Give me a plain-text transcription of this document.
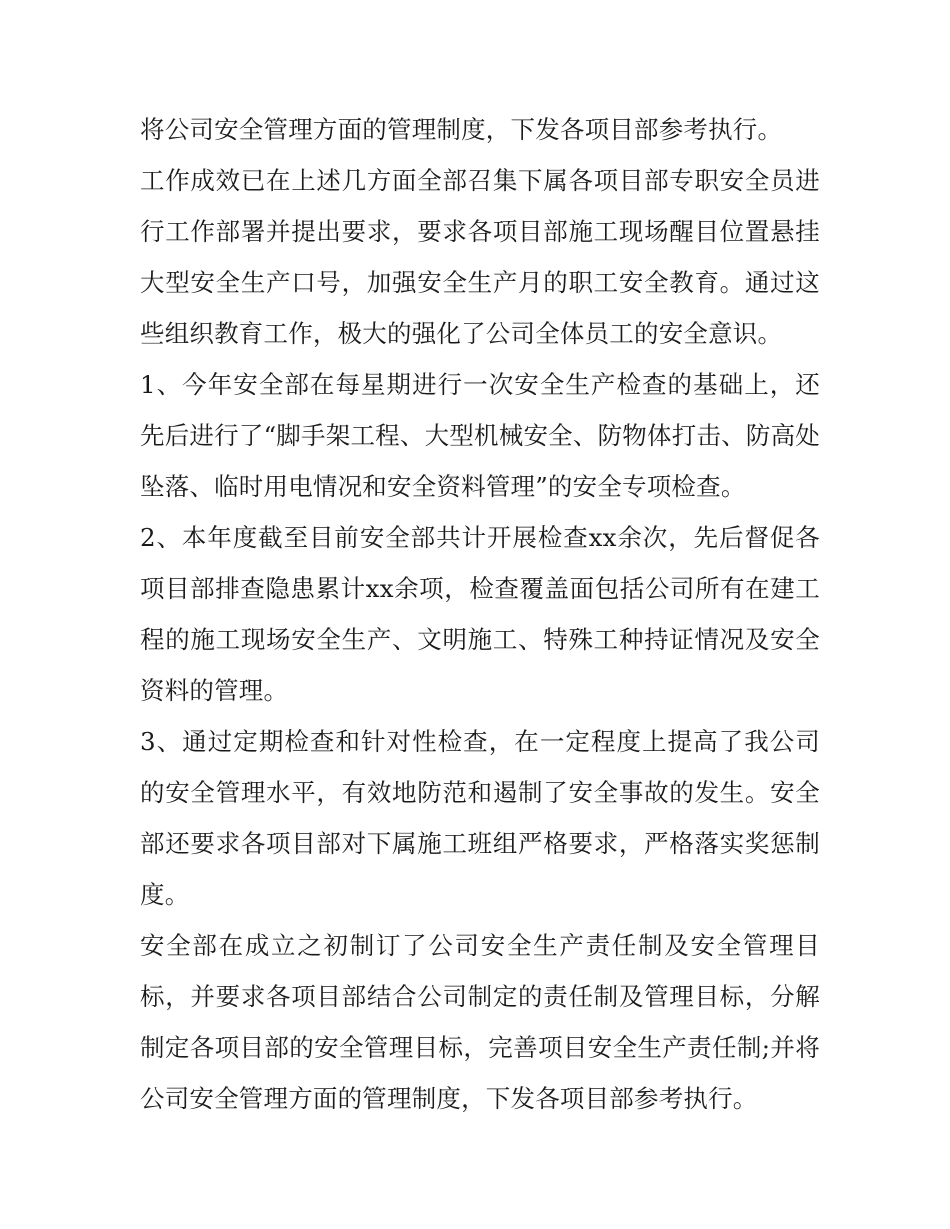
将公司安全管理方面的管理制度，下发各项目部参考执行。

工作成效已在上述几方面全部召集下属各项目部专职安全员进行工作部署并提出要求，要求各项目部施工现场醒目位置悬挂大型安全生产口号，加强安全生产月的职工安全教育。通过这些组织教育工作，极大的强化了公司全体员工的安全意识。

1、今年安全部在每星期进行一次安全生产检查的基础上，还先后进行了“脚手架工程、大型机械安全、防物体打击、防高处坠落、临时用电情况和安全资料管理”的安全专项检查。

2、本年度截至目前安全部共计开展检查xx余次，先后督促各项目部排查隐患累计xx余项，检查覆盖面包括公司所有在建工程的施工现场安全生产、文明施工、特殊工种持证情况及安全资料的管理。

3、通过定期检查和针对性检查，在一定程度上提高了我公司的安全管理水平，有效地防范和遏制了安全事故的发生。安全部还要求各项目部对下属施工班组严格要求，严格落实奖惩制度。

安全部在成立之初制订了公司安全生产责任制及安全管理目标，并要求各项目部结合公司制定的责任制及管理目标，分解制定各项目部的安全管理目标，完善项目安全生产责任制;并将公司安全管理方面的管理制度，下发各项目部参考执行。
